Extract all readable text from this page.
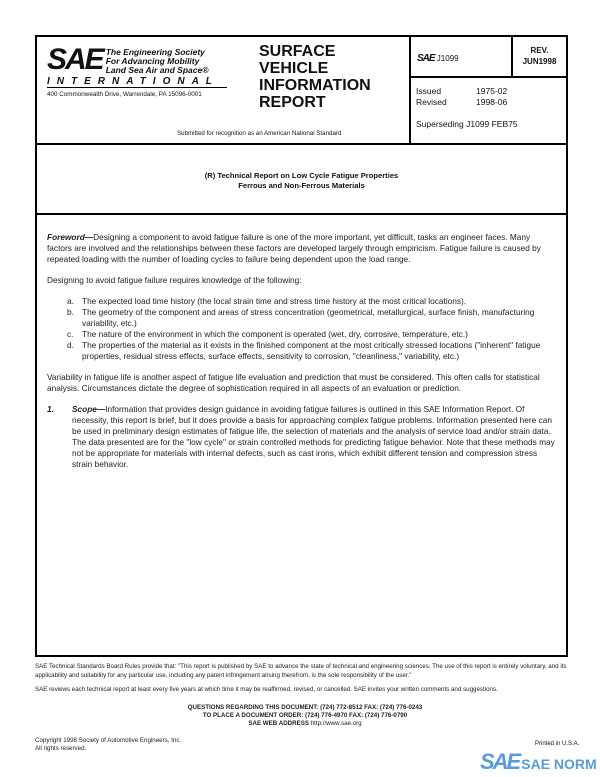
SAE The Engineering Society
For Advancing Mobility
Land Sea Air and Space®
INTERNATIONAL
400 Commonwealth Drive, Warrendale, PA 15096-0001
SURFACE
VEHICLE
INFORMATION
REPORT
Submitted for recognition as an American National Standard
SAE J1099
REV.
JUN1998
Issued	1975-02
Revised	1998-06
Superseding J1099 FEB75
(R) Technical Report on Low Cycle Fatigue Properties
Ferrous and Non-Ferrous Materials

Foreword—Designing a component to avoid fatigue failure is one of the more important, yet difficult, tasks an engineer faces. Many factors are involved and the relationships between these factors are developed largely through empiricism. Fatigue failure is caused by repeated loading with the number of loading cycles to failure being dependent upon the load range.

Designing to avoid fatigue failure requires knowledge of the following:

a. The expected load time history (the local strain time and stress time history at the most critical locations).
b. The geometry of the component and areas of stress concentration (geometrical, metallurgical, surface finish, manufacturing variability, etc.)
c.	The nature of the environment in which the component is operated (wet, dry, corrosive, temperature, etc.)
d. The properties of the material as it exists in the finished component at the most critically stressed locations ("inherent" fatigue properties, residual stress effects, surface effects, sensitivity to corrosion, "cleanliness," variability, etc.)

Variability in fatigue life is another aspect of fatigue life evaluation and prediction that must be considered. This often calls for statistical analysis. Circumstances dictate the degree of sophistication required in all aspects of an evaluation or prediction.

1.	Scope—Information that provides design guidance in avoiding fatigue failures is outlined in this SAE Information Report. Of necessity, this report is brief, but it does provide a basis for approaching complex fatigue problems. Information presented here can be used in preliminary design estimates of fatigue life, the selection of materials and the analysis of service load and/or strain data. The data presented are for the "low cycle" or strain controlled methods for predicting fatigue behavior. Note that these methods may not be appropriate for materials with internal defects, such as cast irons, which exhibit different tension and compression stress strain behavior.
SAE Technical Standards Board Rules provide that: "This report is published by SAE to advance the state of technical and engineering sciences. The use of this report is entirely voluntary, and its applicability and suitability for any particular use, including any patent infringement arising therefrom, is the sole responsibility of the user."
SAE reviews each technical report at least every five years at which time it may be reaffirmed, revised, or cancelled. SAE invites your written comments and suggestions.
QUESTIONS REGARDING THIS DOCUMENT: (724) 772-8512 FAX: (724) 776-0243
TO PLACE A DOCUMENT ORDER: (724) 776-4970 FAX: (724) 776-0790
SAE WEB ADDRESS http://www.sae.org
Copyright 1998 Society of Automotive Engineers, Inc.
All rights reserved.
Printed in U.S.A.
SAE SAE NORM
